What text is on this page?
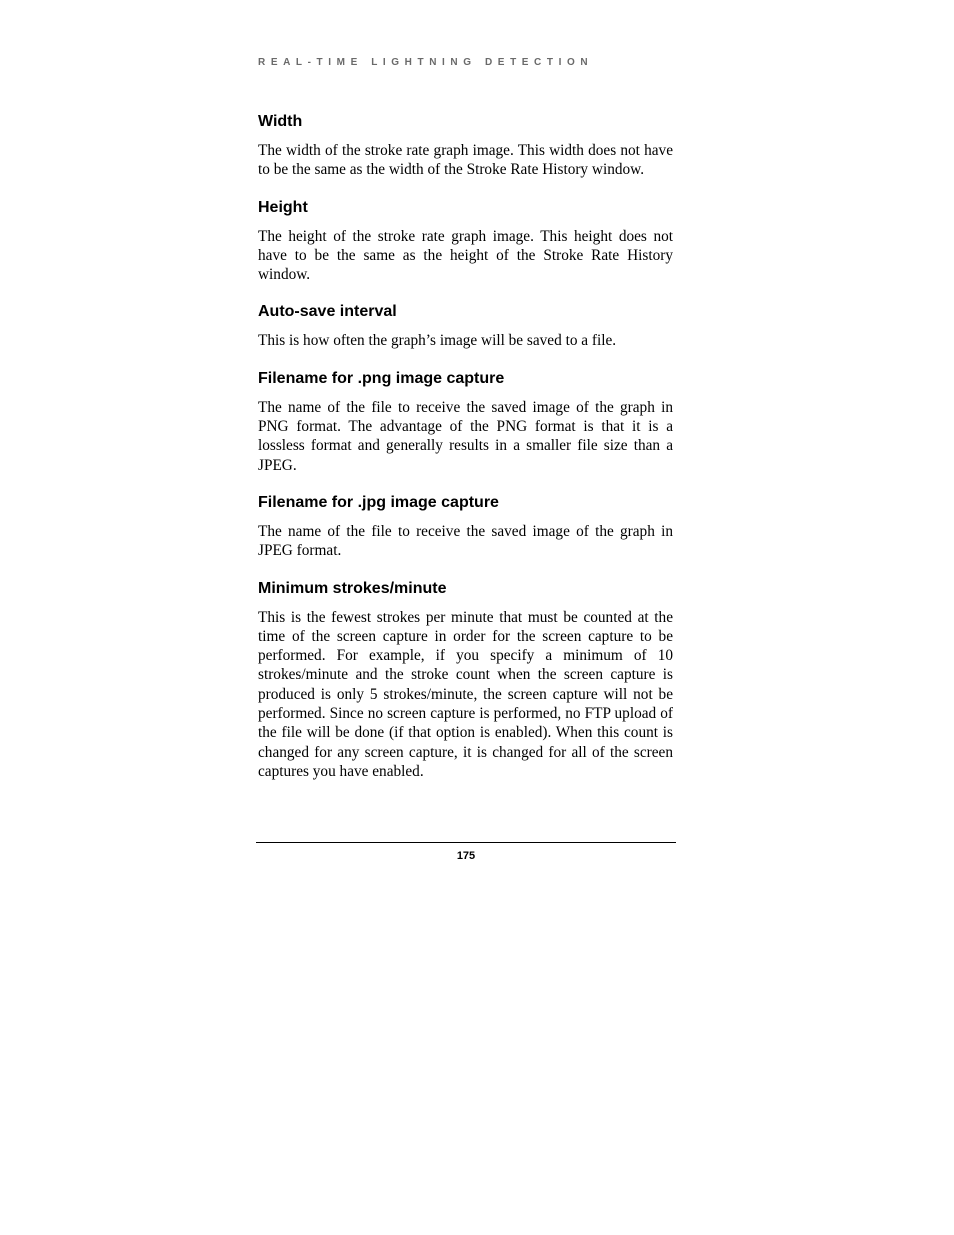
REAL-TIME LIGHTNING DETECTION
Width

The width of the stroke rate graph image. This width does not have to be the same as the width of the Stroke Rate History window.

Height

The height of the stroke rate graph image. This height does not have to be the same as the height of the Stroke Rate History window.

Auto-save interval

This is how often the graph’s image will be saved to a file.

Filename for .png image capture

The name of the file to receive the saved image of the graph in PNG format. The advantage of the PNG format is that it is a lossless format and generally results in a smaller file size than a JPEG.

Filename for .jpg image capture

The name of the file to receive the saved image of the graph in JPEG format.

Minimum strokes/minute

This is the fewest strokes per minute that must be counted at the time of the screen capture in order for the screen capture to be performed. For example, if you specify a minimum of 10 strokes/minute and the stroke count when the screen capture is produced is only 5 strokes/minute, the screen capture will not be performed. Since no screen capture is performed, no FTP upload of the file will be done (if that option is enabled). When this count is changed for any screen capture, it is changed for all of the screen captures you have enabled.

175
